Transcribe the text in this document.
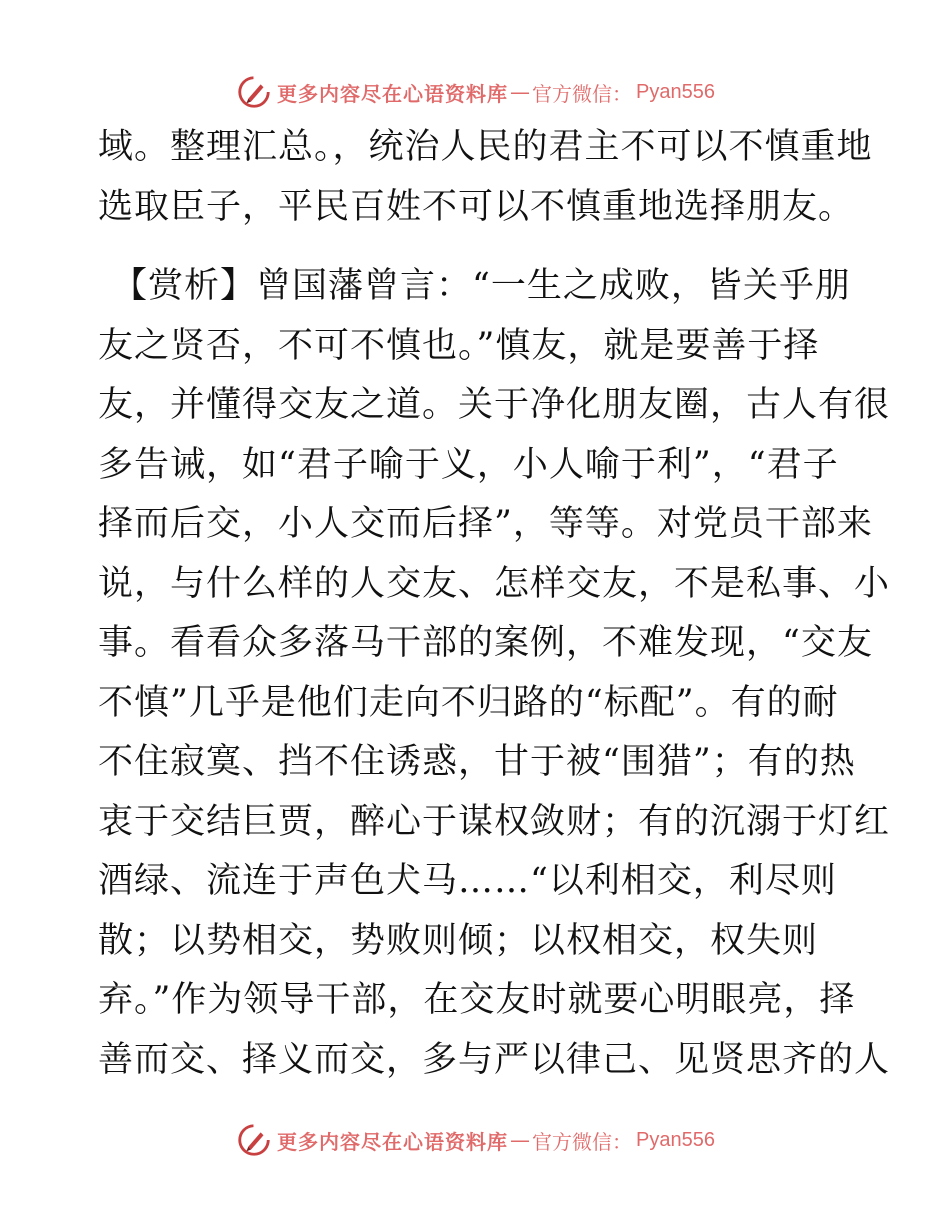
更多内容尽在心语资料库 — 官方微信： Pyan556
域。整理汇总。，统治人民的君主不可以不慎重地
选取臣子，平民百姓不可以不慎重地选择朋友。
【赏析】曾国藩曾言：“一生之成败，皆关乎朋
友之贤否，不可不慎也。”慎友，就是要善于择
友，并懂得交友之道。关于净化朋友圈，古人有很
多告诫，如“君子喻于义，小人喻于利”，“君子
择而后交，小人交而后择”，等等。对党员干部来
说，与什么样的人交友、怎样交友，不是私事、小
事。看看众多落马干部的案例，不难发现，“交友
不慎”几乎是他们走向不归路的“标配”。有的耐
不住寂寞、挡不住诱惑，甘于被“围猎”；有的热
衷于交结巨贾，醉心于谋权敛财；有的沉溺于灯红
酒绿、流连于声色犬马……“以利相交，利尽则
散；以势相交，势败则倾；以权相交，权失则
弃。”作为领导干部，在交友时就要心明眼亮，择
善而交、择义而交，多与严以律己、见贤思齐的人
更多内容尽在心语资料库 — 官方微信： Pyan556
